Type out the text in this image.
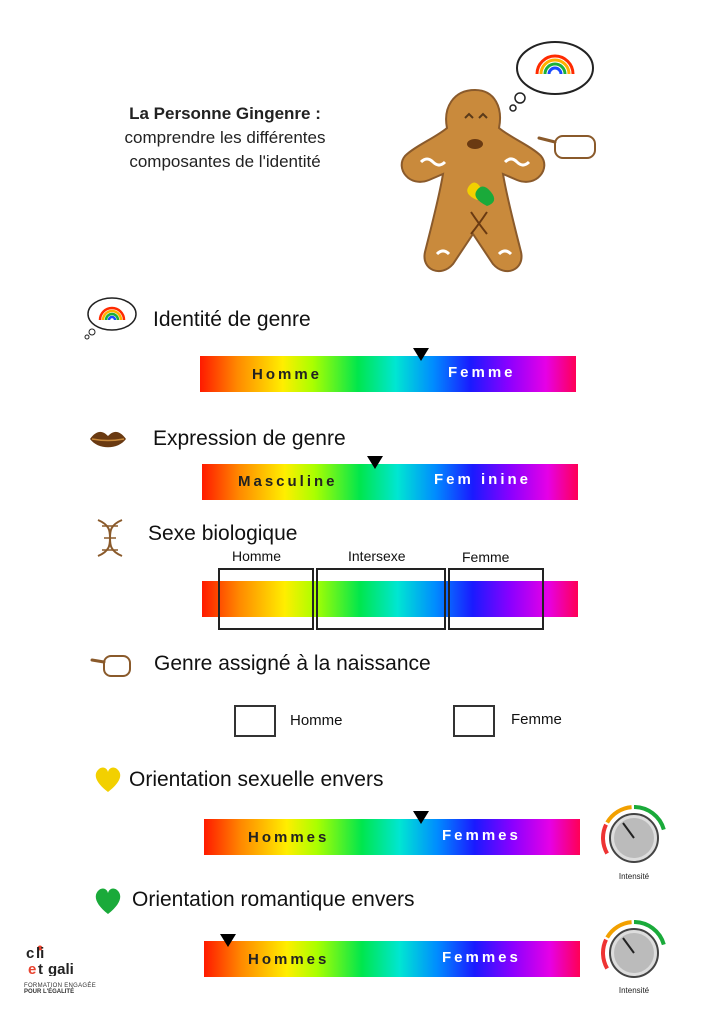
La Personne Gingenre :
comprendre les différentes
composantes de l'identité
Identité de genre
Homme	Femme
Expression de genre
Masculine	Fem inine
Sexe biologique
Homme	Intersexe	Femme
Genre assigné à la naissance
Homme	Femme
Orientation sexuelle envers
Hommes	Femmes
Intensité
Orientation romantique envers
Hommes	Femmes
Intensité
c li
e t gali
FORMATION ENGAGÉE
POUR L'ÉGALITÉ
